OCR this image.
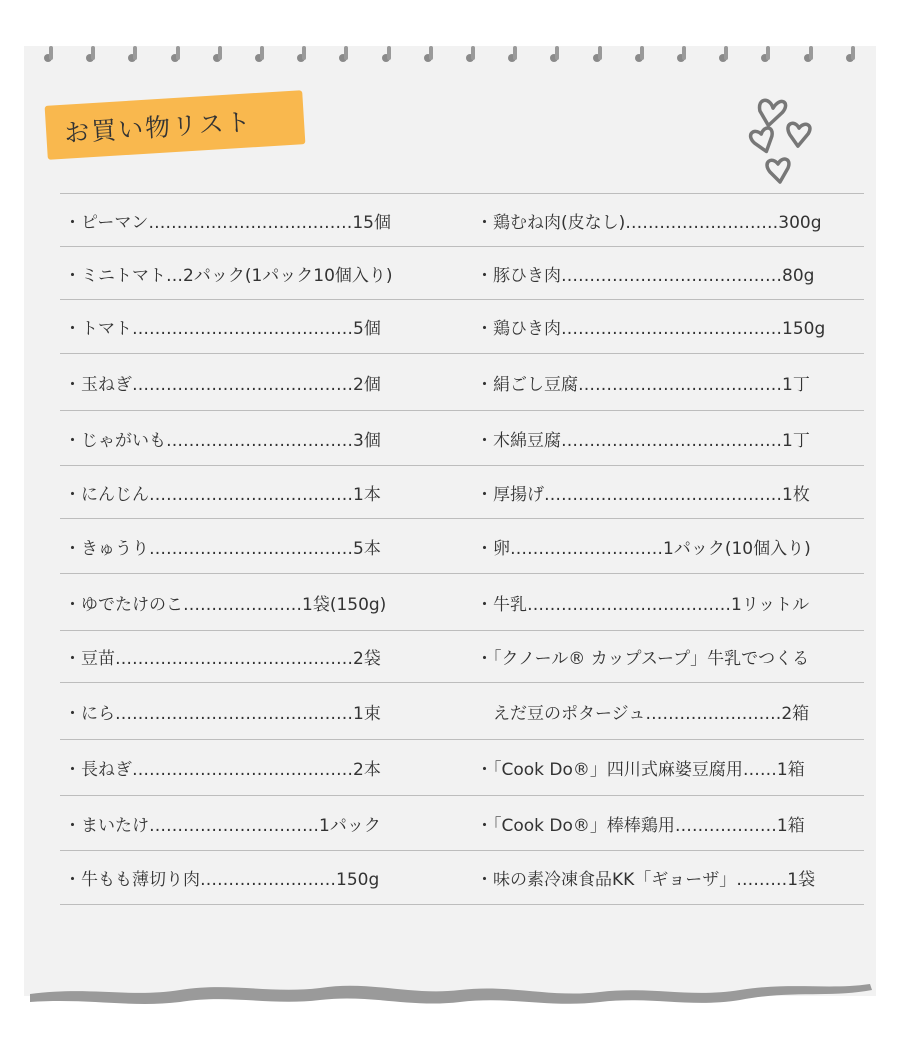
お買い物リスト
・ピーマン………………………………15個	・鶏むね肉(皮なし)………………………300g
・ミニトマト…2パック(1パック10個入り)	・豚ひき肉…………………………………80g
・トマト…………………………………5個	・鶏ひき肉…………………………………150g
・玉ねぎ…………………………………2個	・絹ごし豆腐………………………………1丁
・じゃがいも……………………………3個	・木綿豆腐…………………………………1丁
・にんじん………………………………1本	・厚揚げ……………………………………1枚
・きゅうり………………………………5本	・卵………………………1パック(10個入り)
・ゆでたけのこ…………………1袋(150g)	・牛乳………………………………1リットル
・豆苗……………………………………2袋	・「クノール® カップスープ」牛乳でつくる
・にら……………………………………1束	　えだ豆のポタージュ……………………2箱
・長ねぎ…………………………………2本	・「Cook Do®」四川式麻婆豆腐用……1箱
・まいたけ…………………………1パック	・「Cook Do®」棒棒鶏用………………1箱
・牛もも薄切り肉……………………150g	・味の素冷凍食品KK「ギョーザ」………1袋
